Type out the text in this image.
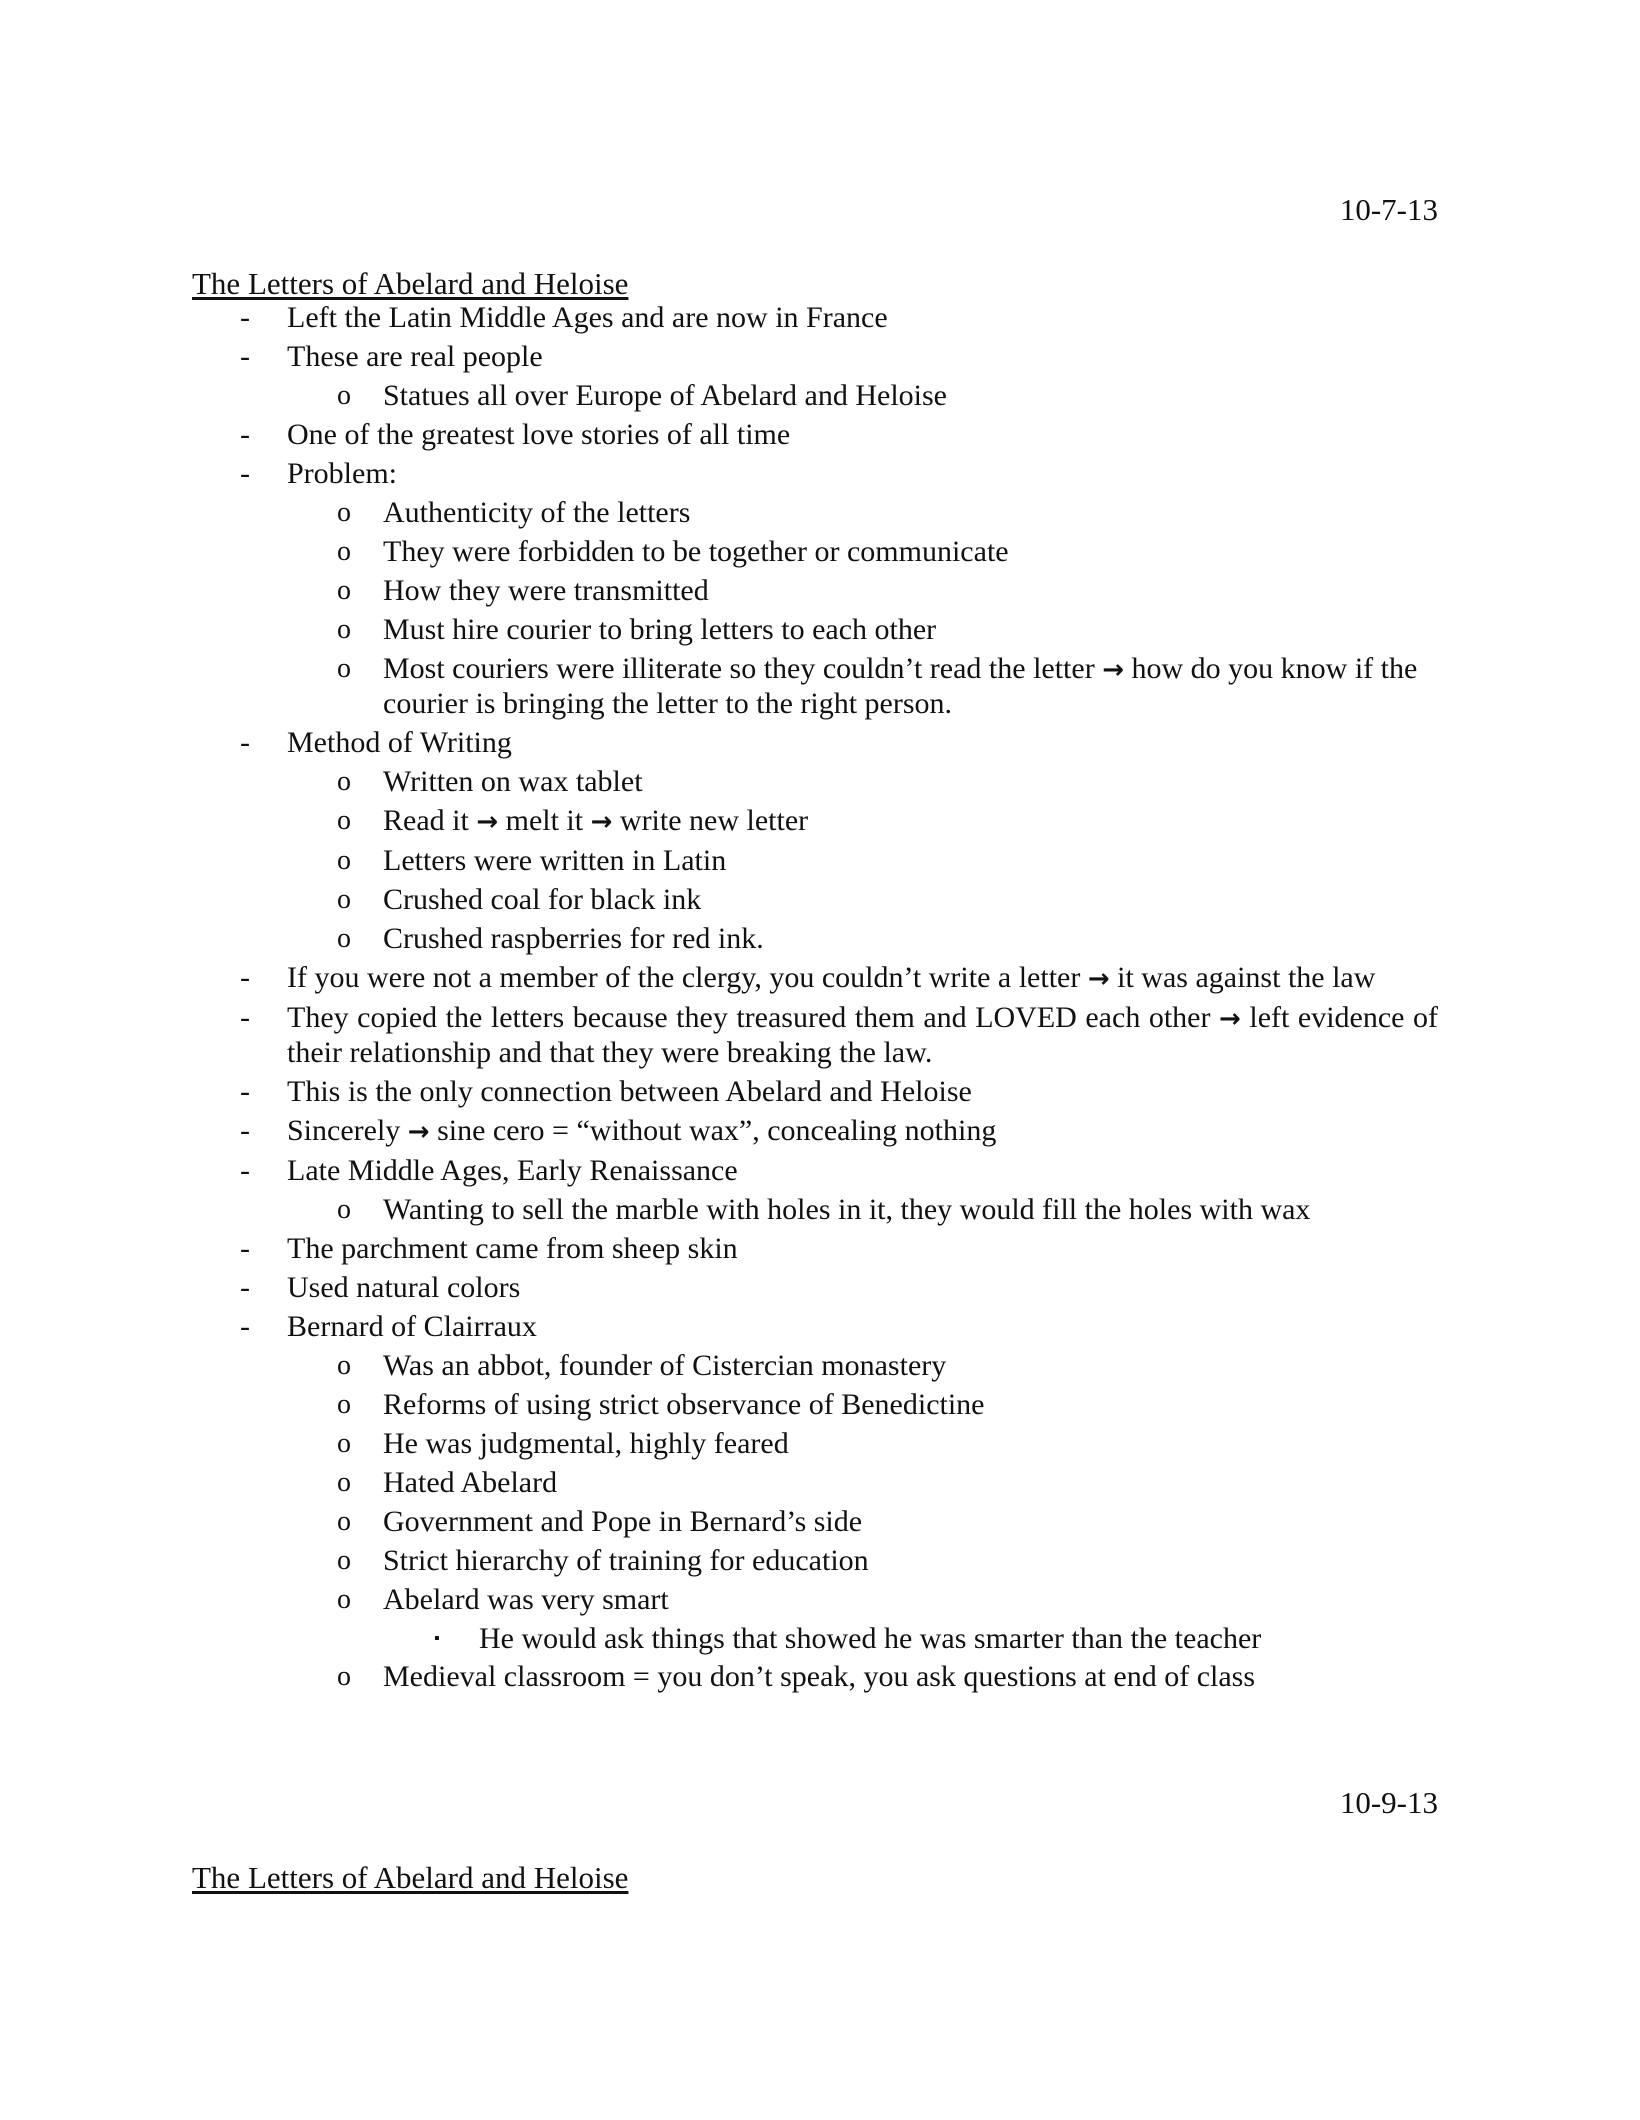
10-7-13
The Letters of Abelard and Heloise
- Left the Latin Middle Ages and are now in France
- These are real people
o Statues all over Europe of Abelard and Heloise
- One of the greatest love stories of all time
- Problem:
o Authenticity of the letters
o They were forbidden to be together or communicate
o How they were transmitted
o Must hire courier to bring letters to each other
o Most couriers were illiterate so they couldn’t read the letter → how do you know if the courier is bringing the letter to the right person.
- Method of Writing
o Written on wax tablet
o Read it → melt it → write new letter
o Letters were written in Latin
o Crushed coal for black ink
o Crushed raspberries for red ink.
- If you were not a member of the clergy, you couldn’t write a letter → it was against the law
- They copied the letters because they treasured them and LOVED each other → left evidence of their relationship and that they were breaking the law.
- This is the only connection between Abelard and Heloise
- Sincerely → sine cero = “without wax”, concealing nothing
- Late Middle Ages, Early Renaissance
o Wanting to sell the marble with holes in it, they would fill the holes with wax
- The parchment came from sheep skin
- Used natural colors
- Bernard of Clairraux
o Was an abbot, founder of Cistercian monastery
o Reforms of using strict observance of Benedictine
o He was judgmental, highly feared
o Hated Abelard
o Government and Pope in Bernard’s side
o Strict hierarchy of training for education
o Abelard was very smart
▪ He would ask things that showed he was smarter than the teacher
o Medieval classroom = you don’t speak, you ask questions at end of class
10-9-13
The Letters of Abelard and Heloise
